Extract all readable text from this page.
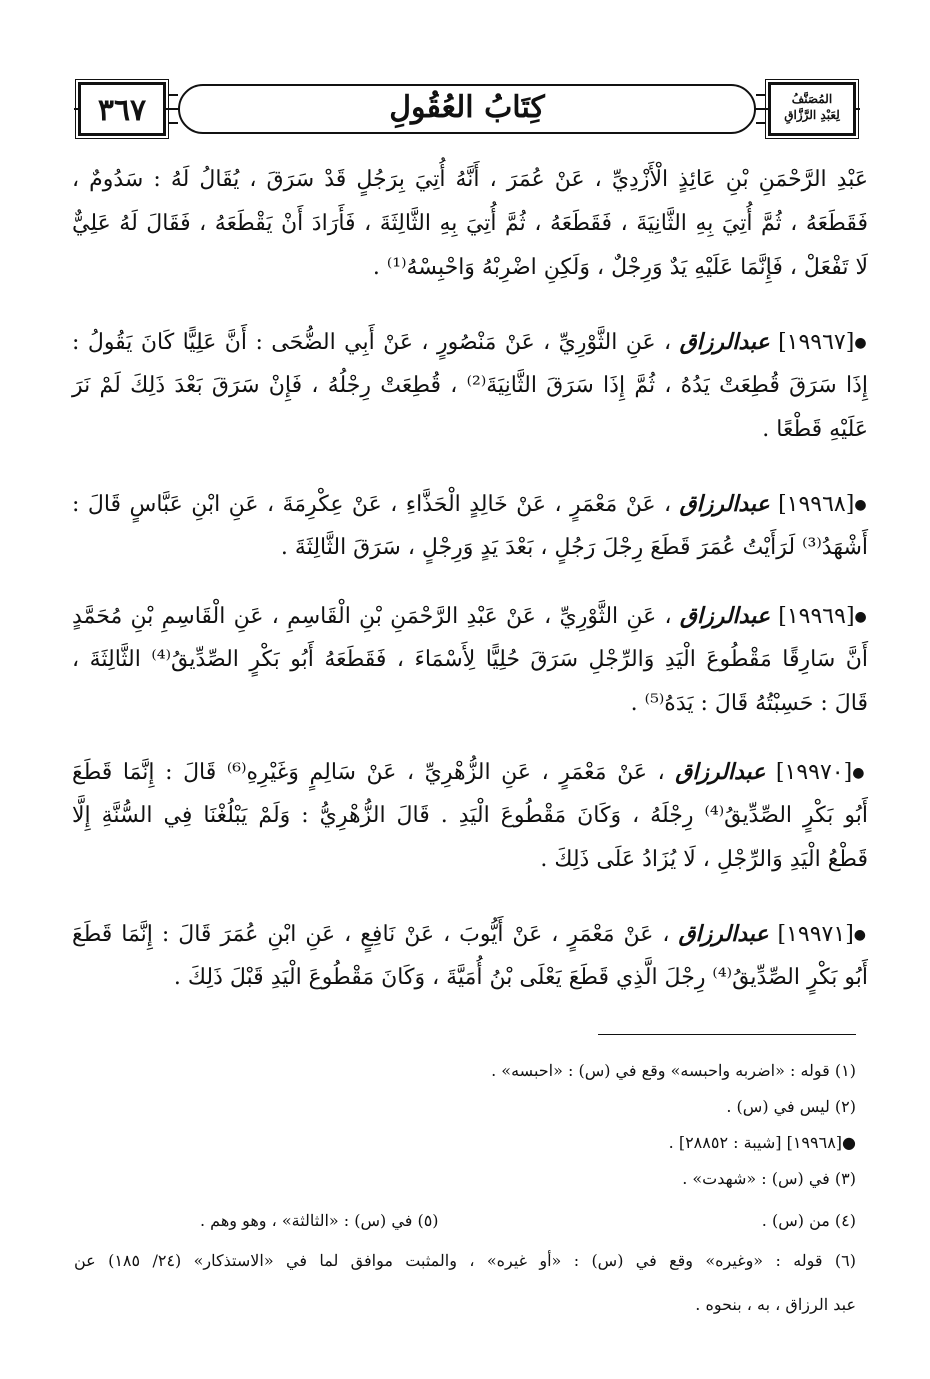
٣٦٧	كِتَابُ العُقُولِ	المُصَنَّفُ
لِعَبْدِ الرَّزَّاقِ
عَبْدِ الرَّحْمَنِ بْنِ عَائِذٍ الْأَزْدِيِّ ، عَنْ عُمَرَ ، أَنَّهُ أُتِيَ بِرَجُلٍ قَدْ سَرَقَ ، يُقَالُ لَهُ : سَدُومٌ ،
فَقَطَعَهُ ، ثُمَّ أُتِيَ بِهِ الثَّانِيَةَ ، فَقَطَعَهُ ، ثُمَّ أُتِيَ بِهِ الثَّالِثَةَ ، فَأَرَادَ أَنْ يَقْطَعَهُ ، فَقَالَ لَهُ عَلِيٌّ
لَا تَفْعَلْ ، فَإِنَّمَا عَلَيْهِ يَدٌ وَرِجْلٌ ، وَلَكِنِ اضْرِبْهُ وَاحْبِسْهُ⁽¹⁾ .
●[١٩٩٦٧] عبدالرزاق ، عَنِ الثَّوْرِيِّ ، عَنْ مَنْصُورٍ ، عَنْ أَبِي الضُّحَى : أَنَّ عَلِيًّا كَانَ يَقُولُ :
إِذَا سَرَقَ قُطِعَتْ يَدُهُ ، ثُمَّ إِذَا سَرَقَ الثَّانِيَةَ⁽²⁾ ، قُطِعَتْ رِجْلُهُ ، فَإِنْ سَرَقَ بَعْدَ ذَلِكَ لَمْ نَرَ
عَلَيْهِ قَطْعًا .
●[١٩٩٦٨] عبدالرزاق ، عَنْ مَعْمَرٍ ، عَنْ خَالِدٍ الْحَذَّاءِ ، عَنْ عِكْرِمَةَ ، عَنِ ابْنِ عَبَّاسٍ قَالَ :
أَشْهَدُ⁽³⁾ لَرَأَيْتُ عُمَرَ قَطَعَ رِجْلَ رَجُلٍ ، بَعْدَ يَدٍ وَرِجْلٍ ، سَرَقَ الثَّالِثَةَ .
●[١٩٩٦٩] عبدالرزاق ، عَنِ الثَّوْرِيِّ ، عَنْ عَبْدِ الرَّحْمَنِ بْنِ الْقَاسِمِ ، عَنِ الْقَاسِمِ بْنِ مُحَمَّدٍ
أَنَّ سَارِقًا مَقْطُوعَ الْيَدِ وَالرِّجْلِ سَرَقَ حُلِيًّا لِأَسْمَاءَ ، فَقَطَعَهُ أَبُو بَكْرٍ الصِّدِّيقُ⁽⁴⁾ الثَّالِثَةَ ،
قَالَ : حَسِبْتُهُ قَالَ : يَدَهُ⁽⁵⁾ .
●[١٩٩٧٠] عبدالرزاق ، عَنْ مَعْمَرٍ ، عَنِ الزُّهْرِيِّ ، عَنْ سَالِمٍ وَغَيْرِهِ⁽⁶⁾ قَالَ : إِنَّمَا قَطَعَ
أَبُو بَكْرٍ الصِّدِّيقُ⁽⁴⁾ رِجْلَهُ ، وَكَانَ مَقْطُوعَ الْيَدِ . قَالَ الزُّهْرِيُّ : وَلَمْ يَبْلُغْنَا فِي السُّنَّةِ إِلَّا
قَطْعُ الْيَدِ وَالرِّجْلِ ، لَا يُزَادُ عَلَى ذَلِكَ .
●[١٩٩٧١] عبدالرزاق ، عَنْ مَعْمَرٍ ، عَنْ أَيُّوبَ ، عَنْ نَافِعٍ ، عَنِ ابْنِ عُمَرَ قَالَ : إِنَّمَا قَطَعَ
أَبُو بَكْرٍ الصِّدِّيقُ⁽⁴⁾ رِجْلَ الَّذِي قَطَعَ يَعْلَى بْنُ أُمَيَّةَ ، وَكَانَ مَقْطُوعَ الْيَدِ قَبْلَ ذَلِكَ .
(١) قوله : «اضربه واحبسه» وقع في (س) : «احبسه» .
(٢) ليس في (س) .
●[١٩٩٦٨] [شيبة : ٢٨٨٥٢] .
(٣) في (س) : «شهدت» .
(٤) من (س) .
(٥) في (س) : «الثالثة» ، وهو وهم .
(٦) قوله : «وغيره» وقع في (س) : «أو غيره» ، والمثبت موافق لما في «الاستذكار» (٢٤/ ١٨٥) عن
عبد الرزاق ، به ، بنحوه .
